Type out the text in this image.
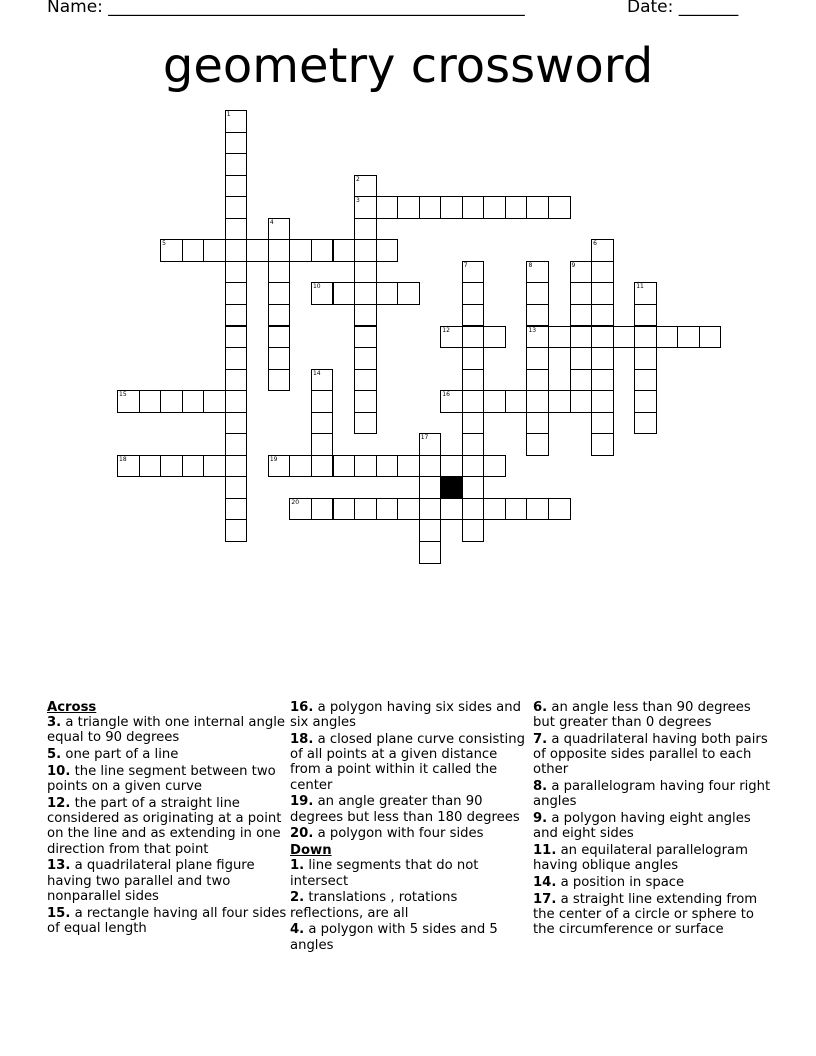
Name: _________________________________________________	Date: _______
geometry crossword
1
2
3
4
5	6
7	8
13
9
10	11
12
14
15	16
17
18	19
20
Across
3. a triangle with one internal angle equal to 90 degrees
5. one part of a line
10. the line segment between two points on a given curve
12. the part of a straight line considered as originating at a point on the line and as extending in one direction from that point
13. a quadrilateral plane figure having two parallel and two nonparallel sides
15. a rectangle having all four sides of equal length
16. a polygon having six sides and six angles
18. a closed plane curve consisting of all points at a given distance from a point within it called the center
19. an angle greater than 90 degrees but less than 180 degrees
20. a polygon with four sides
Down
1. line segments that do not intersect
2. translations , rotations reflections, are all
4. a polygon with 5 sides and 5 angles
6. an angle less than 90 degrees but greater than 0 degrees
7. a quadrilateral having both pairs of opposite sides parallel to each other
8. a parallelogram having four right angles
9. a polygon having eight angles and eight sides
11. an equilateral parallelogram having oblique angles
14. a position in space
17. a straight line extending from the center of a circle or sphere to the circumference or surface
